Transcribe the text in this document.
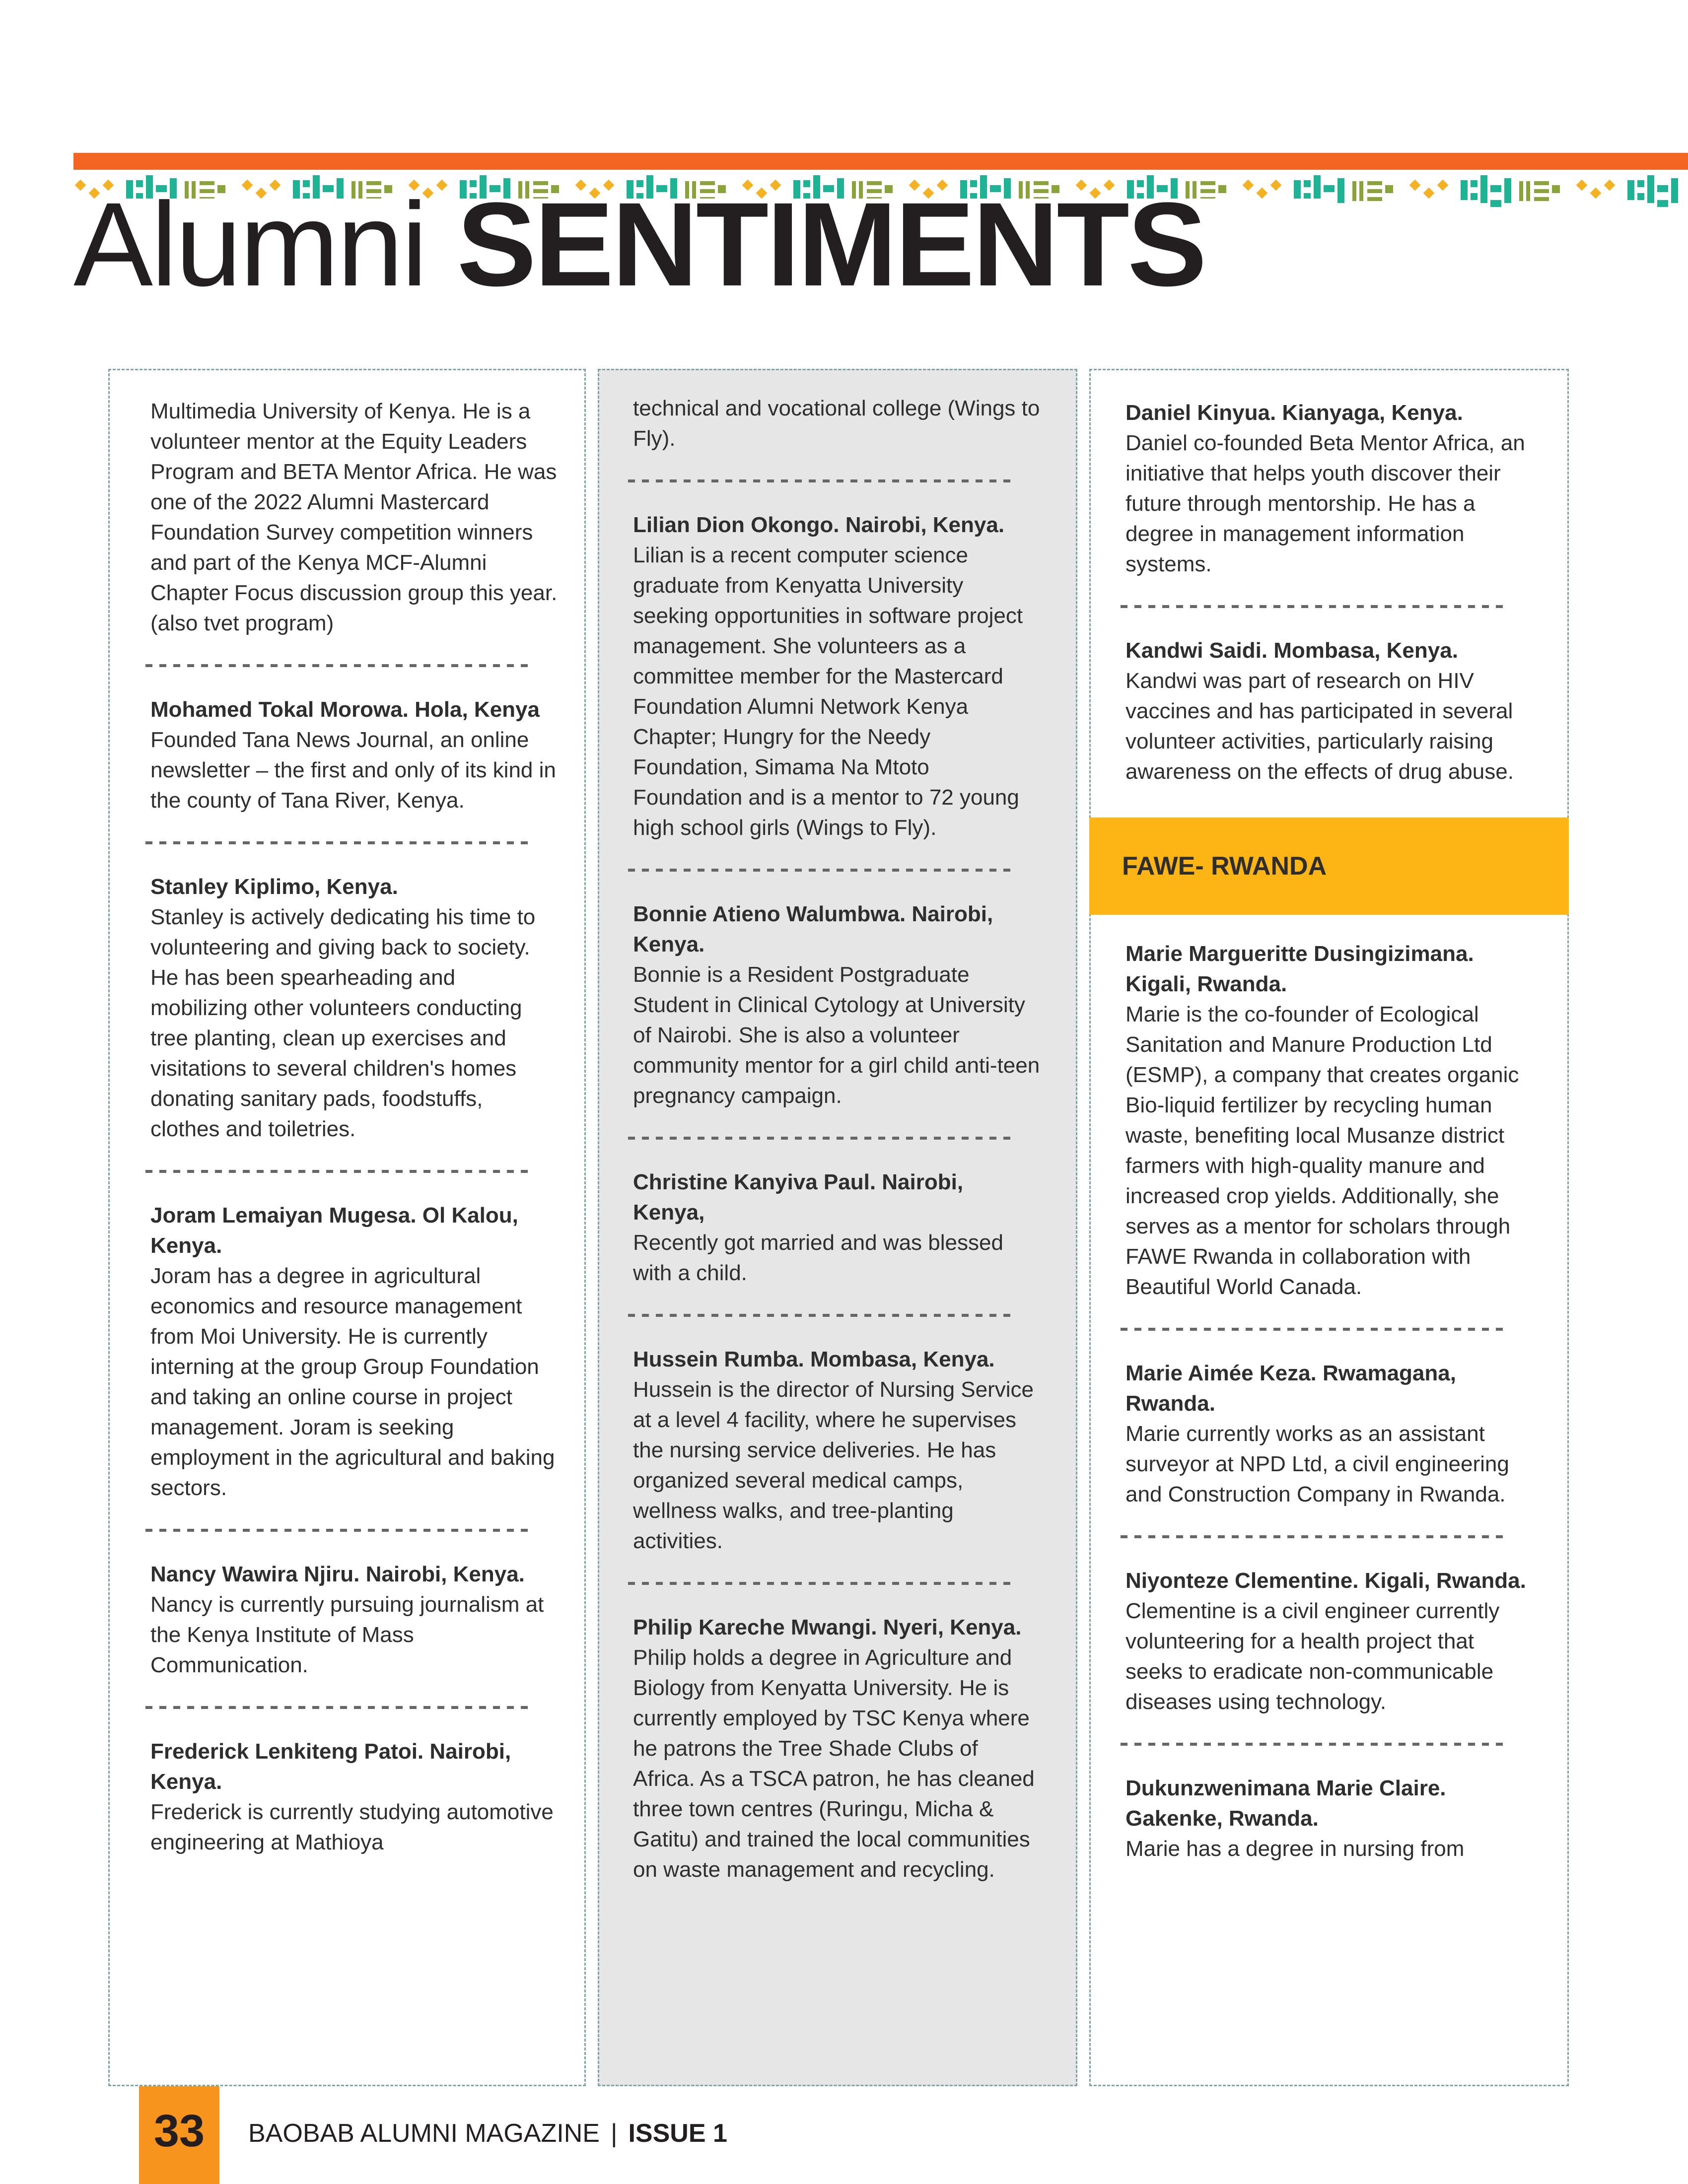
Alumni SENTIMENTS

Multimedia University of Kenya. He is a volunteer mentor at the Equity Leaders Program and BETA Mentor Africa. He was one of the 2022 Alumni Mastercard Foundation Survey competition winners and part of the Kenya MCF-Alumni Chapter Focus discussion group this year. (also tvet program)

Mohamed Tokal Morowa. Hola, Kenya
Founded Tana News Journal, an online newsletter – the first and only of its kind in the county of Tana River, Kenya.

Stanley Kiplimo, Kenya.
Stanley is actively dedicating his time to volunteering and giving back to society. He has been spearheading and mobilizing other volunteers conducting tree planting, clean up exercises and visitations to several children's homes donating sanitary pads, foodstuffs, clothes and toiletries.

Joram Lemaiyan Mugesa. Ol Kalou, Kenya.
Joram has a degree in agricultural economics and resource management from Moi University. He is currently interning at the group Group Foundation and taking an online course in project management. Joram is seeking employment in the agricultural and baking sectors.

Nancy Wawira Njiru. Nairobi, Kenya.
Nancy is currently pursuing journalism at the Kenya Institute of Mass Communication.

Frederick Lenkiteng Patoi. Nairobi, Kenya.
Frederick is currently studying automotive engineering at Mathioya

technical and vocational college (Wings to Fly).

Lilian Dion Okongo. Nairobi, Kenya.
Lilian is a recent computer science graduate from Kenyatta University seeking opportunities in software project management. She volunteers as a committee member for the Mastercard Foundation Alumni Network Kenya Chapter; Hungry for the Needy Foundation, Simama Na Mtoto Foundation and is a mentor to 72 young high school girls (Wings to Fly).

Bonnie Atieno Walumbwa. Nairobi, Kenya.
Bonnie is a Resident Postgraduate Student in Clinical Cytology at University of Nairobi. She is also a volunteer community mentor for a girl child anti-teen pregnancy campaign.

Christine Kanyiva Paul. Nairobi, Kenya,
Recently got married and was blessed with a child.

Hussein Rumba. Mombasa, Kenya.
Hussein is the director of Nursing Service at a level 4 facility, where he supervises the nursing service deliveries. He has organized several medical camps, wellness walks, and tree-planting activities.

Philip Kareche Mwangi. Nyeri, Kenya.
Philip holds a degree in Agriculture and Biology from Kenyatta University. He is currently employed by TSC Kenya where he patrons the Tree Shade Clubs of Africa. As a TSCA patron, he has cleaned three town centres (Ruringu, Micha & Gatitu) and trained the local communities on waste management and recycling.

Daniel Kinyua. Kianyaga, Kenya.
Daniel co-founded Beta Mentor Africa, an initiative that helps youth discover their future through mentorship. He has a degree in management information systems.

Kandwi Saidi. Mombasa, Kenya.
Kandwi was part of research on HIV vaccines and has participated in several volunteer activities, particularly raising awareness on the effects of drug abuse.

FAWE- RWANDA

Marie Margueritte Dusingizimana. Kigali, Rwanda.
Marie is the co-founder of Ecological Sanitation and Manure Production Ltd (ESMP), a company that creates organic Bio-liquid fertilizer by recycling human waste, benefiting local Musanze district farmers with high-quality manure and increased crop yields. Additionally, she serves as a mentor for scholars through FAWE Rwanda in collaboration with Beautiful World Canada.

Marie Aimée Keza. Rwamagana, Rwanda.
Marie currently works as an assistant surveyor at NPD Ltd, a civil engineering and Construction Company in Rwanda.

Niyonteze Clementine. Kigali, Rwanda.
Clementine is a civil engineer currently volunteering for a health project that seeks to eradicate non-communicable diseases using technology.

Dukunzwenimana Marie Claire. Gakenke, Rwanda.
Marie has a degree in nursing from

33	BAOBAB ALUMNI MAGAZINE | ISSUE 1
